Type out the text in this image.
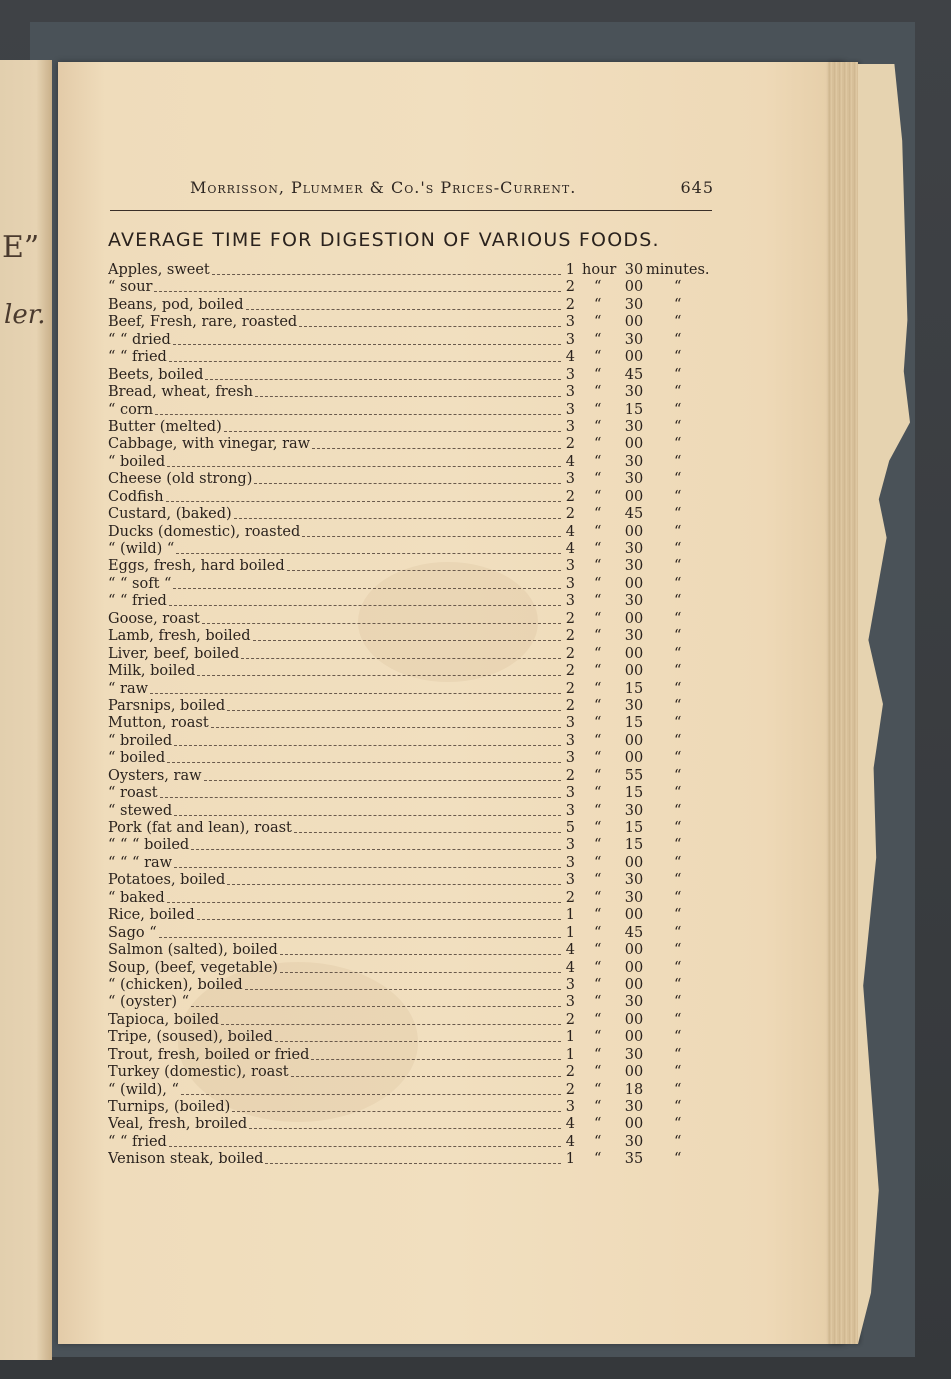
E”
ler.
Morrisson, Plummer & Co.'s Prices-Current.	645
AVERAGE TIME FOR DIGESTION OF VARIOUS FOODS.
Apples, sweet	1 hour 30 minutes.
“ sour	2	“	00	“
Beans, pod, boiled	2	“	30	“
Beef, Fresh, rare, roasted	3	“	00	“
“ “ dried	3	“	30	“
“ “ fried	4	“	00	“
Beets, boiled	3	“	45	“
Bread, wheat, fresh	3	“	30	“
“ corn	3	“	15	“
Butter (melted)	3	“	30	“
Cabbage, with vinegar, raw	2	“	00	“
“ boiled	4	“	30	“
Cheese (old strong)	3	“	30	“
Codfish	2	“	00	“
Custard, (baked)	2	“	45	“
Ducks (domestic), roasted	4	“	00	“
“ (wild) “	4	“	30	“
Eggs, fresh, hard boiled	3	“	30	“
“ “ soft “	3	“	00	“
“ “ fried	3	“	30	“
Goose, roast	2	“	00	“
Lamb, fresh, boiled	2	“	30	“
Liver, beef, boiled	2	“	00	“
Milk, boiled	2	“	00	“
“ raw	2	“	15	“
Parsnips, boiled	2	“	30	“
Mutton, roast	3	“	15	“
“ broiled	3	“	00	“
“ boiled	3	“	00	“
Oysters, raw	2	“	55	“
“ roast	3	“	15	“
“ stewed	3	“	30	“
Pork (fat and lean), roast	5	“	15	“
“ “ “ boiled	3	“	15	“
“ “ “ raw	3	“	00	“
Potatoes, boiled	3	“	30	“
“ baked	2	“	30	“
Rice, boiled	1	“	00	“
Sago “	1	“	45	“
Salmon (salted), boiled	4	“	00	“
Soup, (beef, vegetable)	4	“	00	“
“ (chicken), boiled	3	“	00	“
“ (oyster) “	3	“	30	“
Tapioca, boiled	2	“	00	“
Tripe, (soused), boiled	1	“	00	“
Trout, fresh, boiled or fried	1	“	30	“
Turkey (domestic), roast	2	“	00	“
“ (wild), “	2	“	18	“
Turnips, (boiled)	3	“	30	“
Veal, fresh, broiled	4	“	00	“
“ “ fried	4	“	30	“
Venison steak, boiled	1	“	35	“
